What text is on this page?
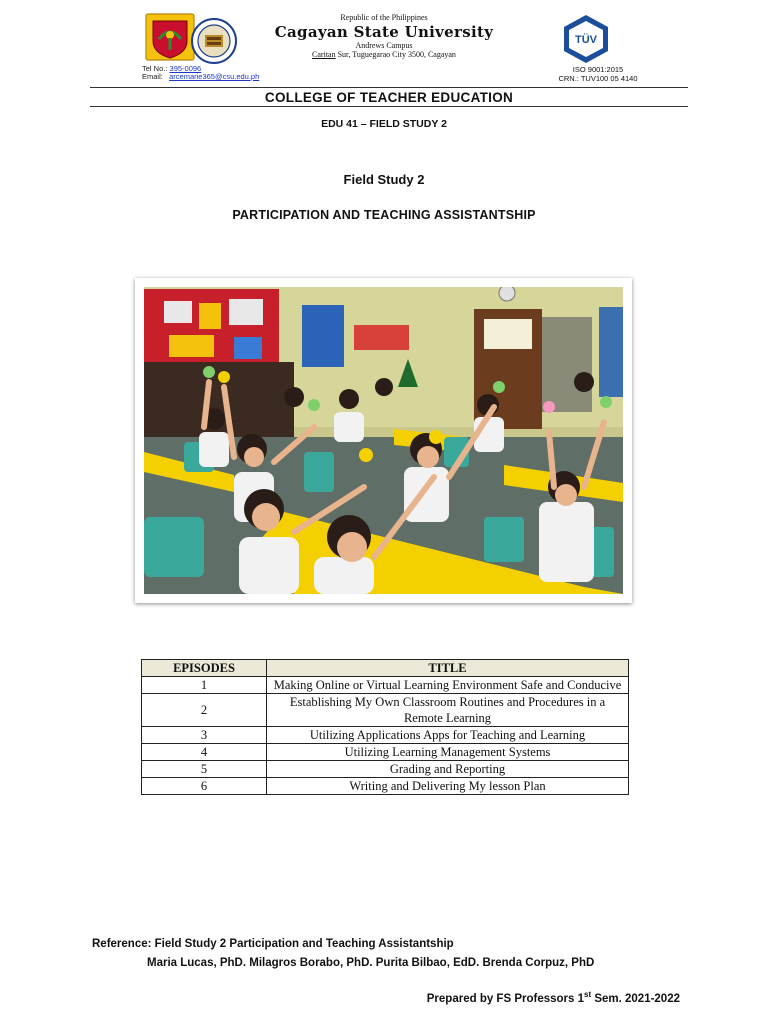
Tel No.: 395-0096
Email: arcemarie365@csu.edu.ph
Republic of the Philippines
Cagayan State University
Andrews Campus
Caritan Sur, Tuguegarao City 3500, Cagayan
TÜV
ISO 9001:2015
CRN.: TUV100 05 4140
COLLEGE OF TEACHER EDUCATION
EDU 41 – FIELD STUDY 2
Field Study 2
PARTICIPATION AND TEACHING ASSISTANTSHIP
EPISODES	TITLE
1	Making Online or Virtual Learning Environment Safe and Conducive
2	Establishing My Own Classroom Routines and Procedures in a Remote Learning
3	Utilizing Applications Apps for Teaching and Learning
4	Utilizing Learning Management Systems
5	Grading and Reporting
6	Writing and Delivering My lesson Plan
Reference: Field Study 2 Participation and Teaching Assistantship
Maria Lucas, PhD. Milagros Borabo, PhD. Purita Bilbao, EdD. Brenda Corpuz, PhD
Prepared by FS Professors 1st Sem. 2021-2022
